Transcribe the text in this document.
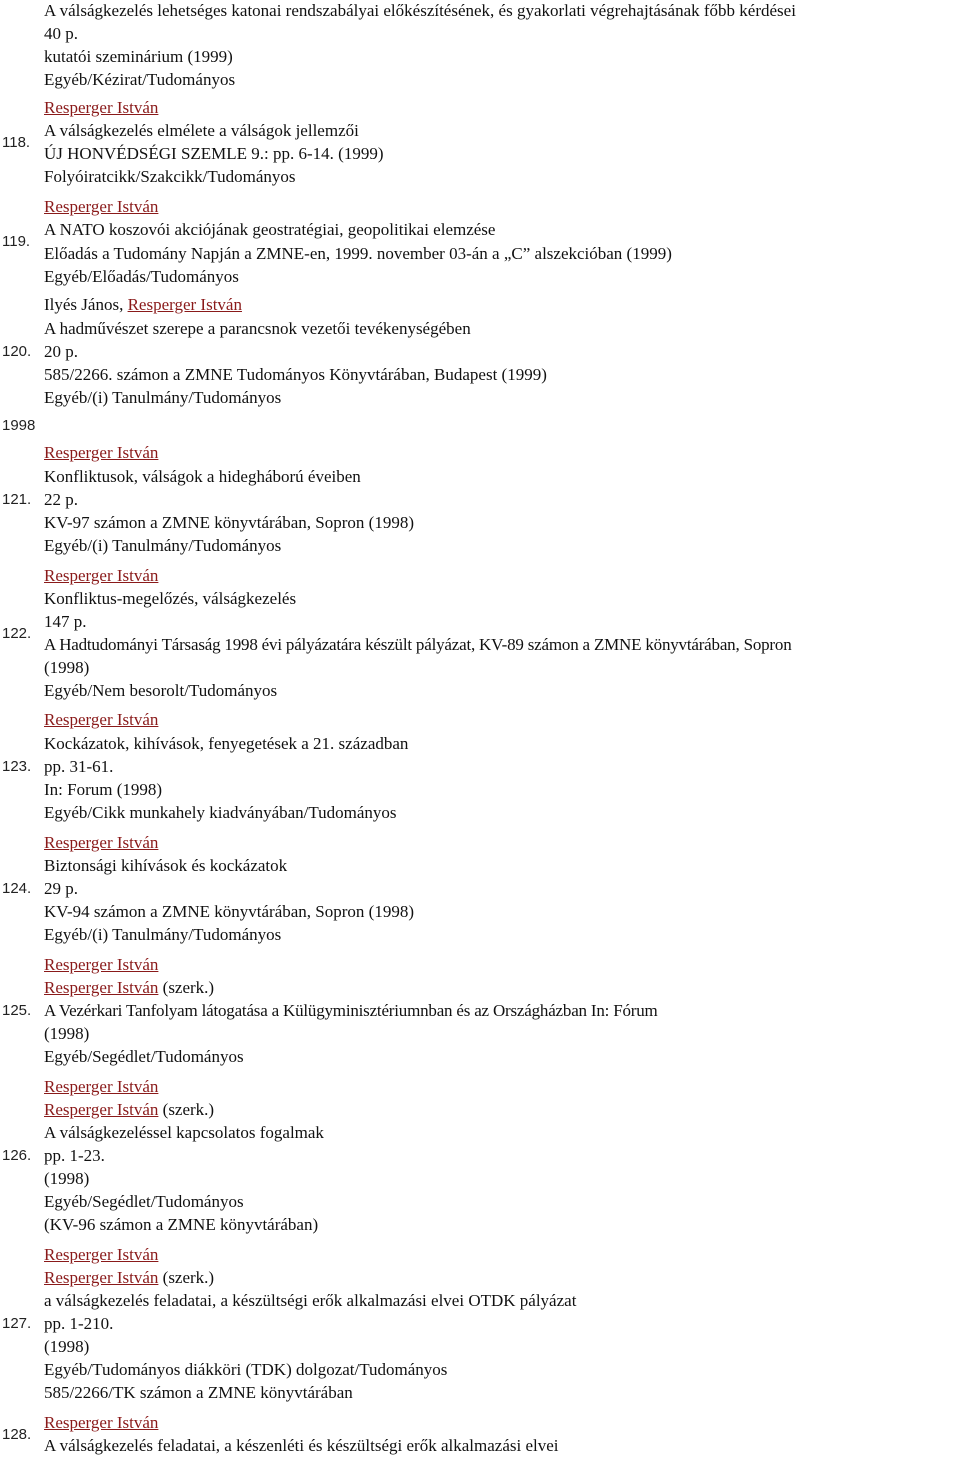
A válságkezelés lehetséges katonai rendszabályai előkészítésének, és gyakorlati végrehajtásának főbb kérdései
40 p.
kutatói szeminárium (1999)
Egyéb/Kézirat/Tudományos
Resperger István
A válságkezelés elmélete a válságok jellemzői
118.
ÚJ HONVÉDSÉGI SZEMLE 9.: pp. 6-14. (1999)
Folyóiratcikk/Szakcikk/Tudományos
Resperger István
A NATO koszovói akciójának geostratégiai, geopolitikai elemzése
119.
Előadás a Tudomány Napján a ZMNE-en, 1999. november 03-án a „C” alszekcióban (1999)
Egyéb/Előadás/Tudományos
Ilyés János, Resperger István
A hadművészet szerepe a parancsnok vezetői tevékenységében
120. 20 p.
585/2266. számon a ZMNE Tudományos Könyvtárában, Budapest (1999)
Egyéb/(i) Tanulmány/Tudományos
1998
Resperger István
Konfliktusok, válságok a hidegháború éveiben
121. 22 p.
KV-97 számon a ZMNE könyvtárában, Sopron (1998)
Egyéb/(i) Tanulmány/Tudományos
Resperger István
Konfliktus-megelőzés, válságkezelés
147 p.
122.
A Hadtudományi Társaság 1998 évi pályázatára készült pályázat, KV-89 számon a ZMNE könyvtárában, Sopron
(1998)
Egyéb/Nem besorolt/Tudományos
Resperger István
Kockázatok, kihívások, fenyegetések a 21. században
123. pp. 31-61.
In: Forum (1998)
Egyéb/Cikk munkahely kiadványában/Tudományos
Resperger István
Biztonsági kihívások és kockázatok
124. 29 p.
KV-94 számon a ZMNE könyvtárában, Sopron (1998)
Egyéb/(i) Tanulmány/Tudományos
Resperger István
Resperger István (szerk.)
125. A Vezérkari Tanfolyam látogatása a Külügyminisztériumnban és az Országházban In: Fórum
(1998)
Egyéb/Segédlet/Tudományos
Resperger István
Resperger István (szerk.)
A válságkezeléssel kapcsolatos fogalmak
126. pp. 1-23.
(1998)
Egyéb/Segédlet/Tudományos
(KV-96 számon a ZMNE könyvtárában)
Resperger István
Resperger István (szerk.)
a válságkezelés feladatai, a készültségi erők alkalmazási elvei OTDK pályázat
127. pp. 1-210.
(1998)
Egyéb/Tudományos diákköri (TDK) dolgozat/Tudományos
585/2266/TK számon a ZMNE könyvtárában
Resperger István
128.
A válságkezelés feladatai, a készenléti és készültségi erők alkalmazási elvei
